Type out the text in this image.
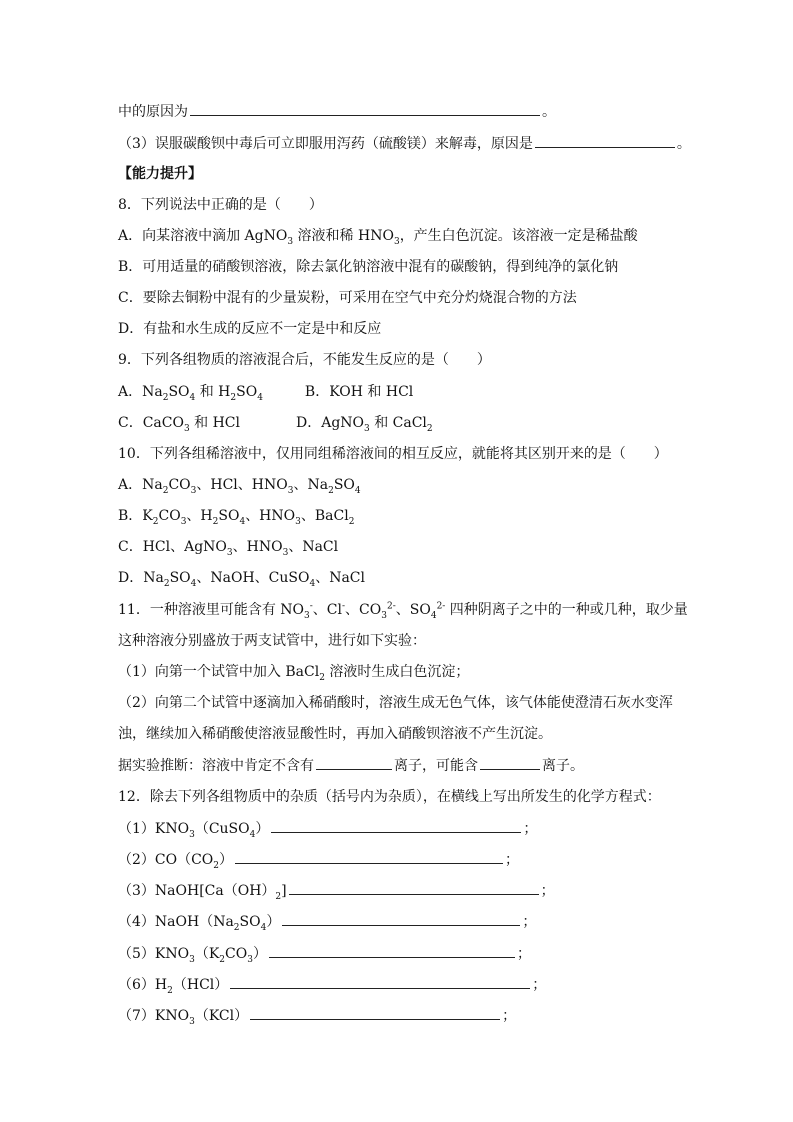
中的原因为	。
（3）误服碳酸钡中毒后可立即服用泻药（硫酸镁）来解毒，原因是	。
【能力提升】
8．下列说法中正确的是（　　）
A．向某溶液中滴加 AgNO$_3$ 溶液和稀 $HNO_3$，产生白色沉淀。该溶液一定是稀盐酸
B．可用适量的硝酸钡溶液，除去氯化钠溶液中混有的碳酸钠，得到纯净的氯化钠
C．要除去铜粉中混有的少量炭粉，可采用在空气中充分灼烧混合物的方法
D．有盐和水生成的反应不一定是中和反应
9．下列各组物质的溶液混合后，不能发生反应的是（　　）
A．$Na_2SO_4$ 和 $H_2SO_4$　　　B．KOH 和 HCl
C．CaCO$_3$ 和 HCl　　　　D．AgNO$_3$ 和 CaCl$_2$
10．下列各组稀溶液中，仅用同组稀溶液间的相互反应，就能将其区别开来的是（　　）
A．$Na_2CO_3$、HCl、$HNO_3$、$Na_2SO_4$
B．$K_2CO_3$、$H_2SO_4$、$HNO_3$、BaCl$_2$
C．HCl、AgNO$_3$、$HNO_3$、NaCl
D．$Na_2SO_4$、NaOH、CuSO$_4$、NaCl
11．一种溶液里可能含有 $NO_3^-$、Cl-、$CO_3^{2-}$、$SO_4^{2-}$ 四种阴离子之中的一种或几种，取少量
这种溶液分别盛放于两支试管中，进行如下实验：
（1）向第一个试管中加入 BaCl$_2$ 溶液时生成白色沉淀；
（2）向第二个试管中逐滴加入稀硝酸时，溶液生成无色气体，该气体能使澄清石灰水变浑
浊，继续加入稀硝酸使溶液显酸性时，再加入硝酸钡溶液不产生沉淀。
据实验推断：溶液中肯定不含有	离子，可能含	离子。
12．除去下列各组物质中的杂质（括号内为杂质），在横线上写出所发生的化学方程式：
$(1)KNO_3(CuSO_4)$	；
$(2)CO(CO_2)$	；
$(3)NaOH[Ca(OH)_2]$	；
$(4)NaOH(Na_2SO_4)$	；
$(5)KNO_3(K_2CO_3)$	；
$(6)H_2(HCl)$	；
$(7)KNO_3(KCl)$	；
